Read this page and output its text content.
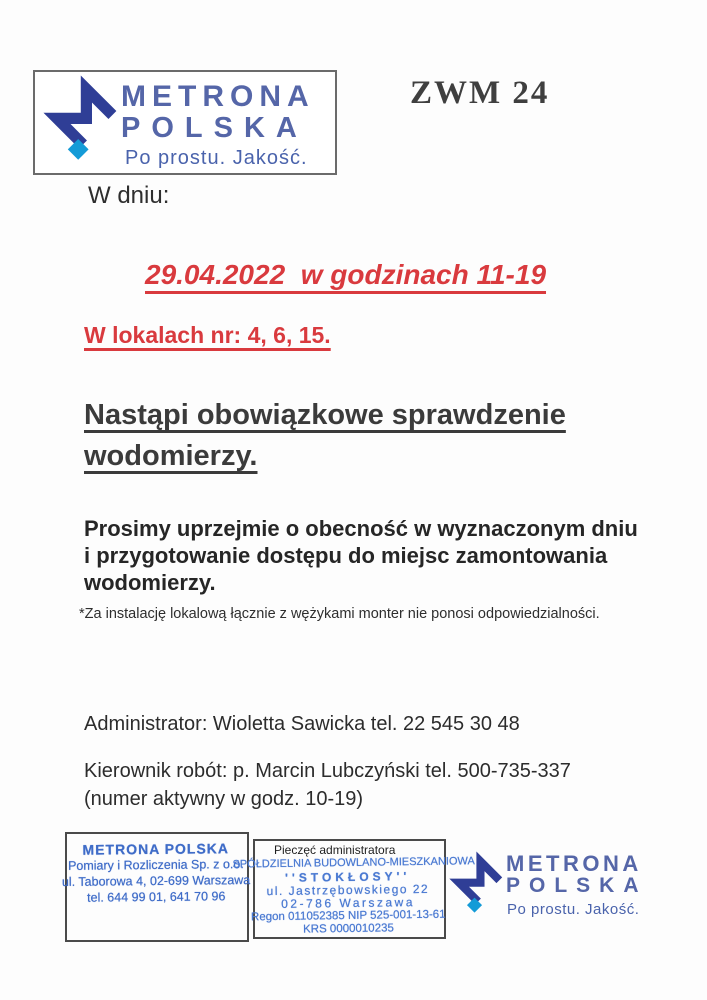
METRONA
POLSKA
Po prostu. Jakość.
ZWM 24
W dniu:
29.04.2022  w godzinach 11-19
W lokalach nr: 4, 6, 15.
Nastąpi obowiązkowe sprawdzenie
wodomierzy.
Prosimy uprzejmie o obecność w wyznaczonym dniu
i przygotowanie dostępu do miejsc zamontowania
wodomierzy.
*Za instalację lokalową łącznie z wężykami monter nie ponosi odpowiedzialności.
Administrator: Wioletta Sawicka tel. 22 545 30 48
Kierownik robót: p. Marcin Lubczyński tel. 500-735-337
(numer aktywny w godz. 10-19)
METRONA POLSKA
Pomiary i Rozliczenia Sp. z o.o.
ul. Taborowa 4, 02-699 Warszawa
tel. 644 99 01, 641 70 96
Pieczęć administratora
SPÓŁDZIELNIA BUDOWLANO-MIESZKANIOWA
''STOKŁOSY''
ul. Jastrzębowskiego 22
02-786 Warszawa
Regon 011052385 NIP 525-001-13-61
KRS 0000010235
METRONA
POLSKA
Po prostu. Jakość.
